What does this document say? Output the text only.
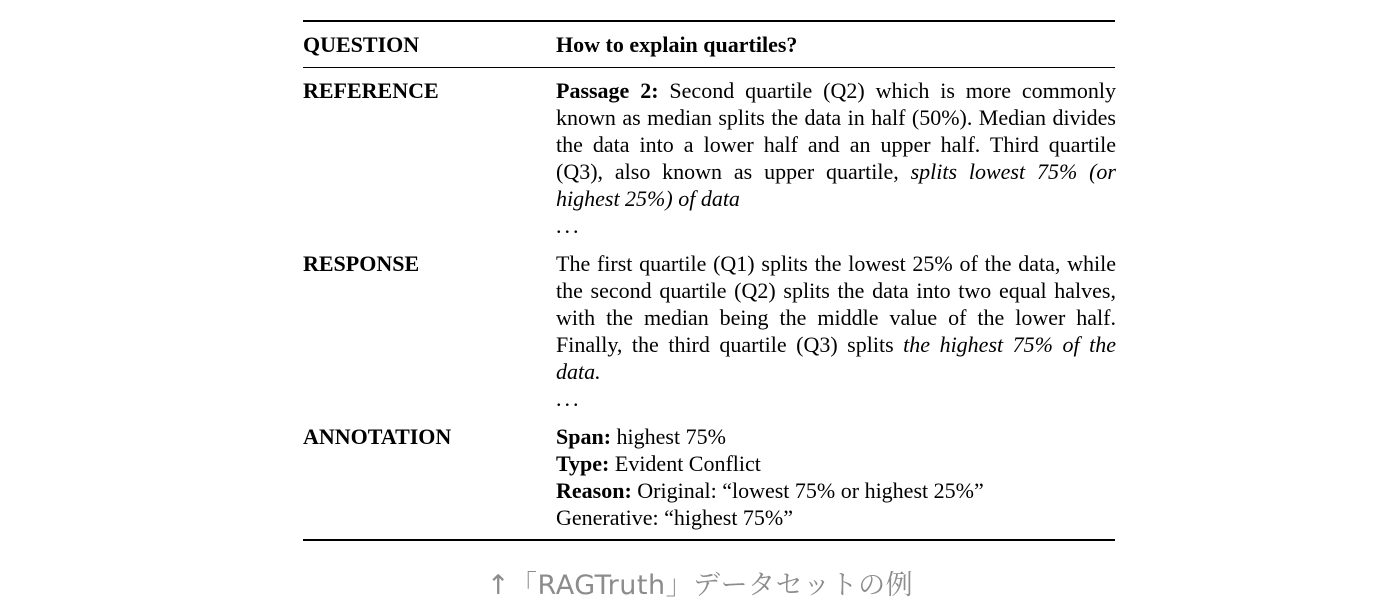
QUESTION	How to explain quartiles?
REFERENCE	Passage 2: Second quartile (Q2) which is more commonly known as median splits the data in half (50%). Median divides the data into a lower half and an upper half. Third quartile (Q3), also known as upper quartile, splits lowest 75% (or highest 25%) of data

...

RESPONSE	The first quartile (Q1) splits the lowest 25% of the data, while the second quartile (Q2) splits the data into two equal halves, with the median being the middle value of the lower half. Finally, the third quartile (Q3) splits the highest 75% of the data.

...

ANNOTATION	Span: highest 75%

Type: Evident Conflict

Reason: Original: “lowest 75% or highest 25%”

Generative: “highest 75%”

↑「RAGTruth」データセットの例
